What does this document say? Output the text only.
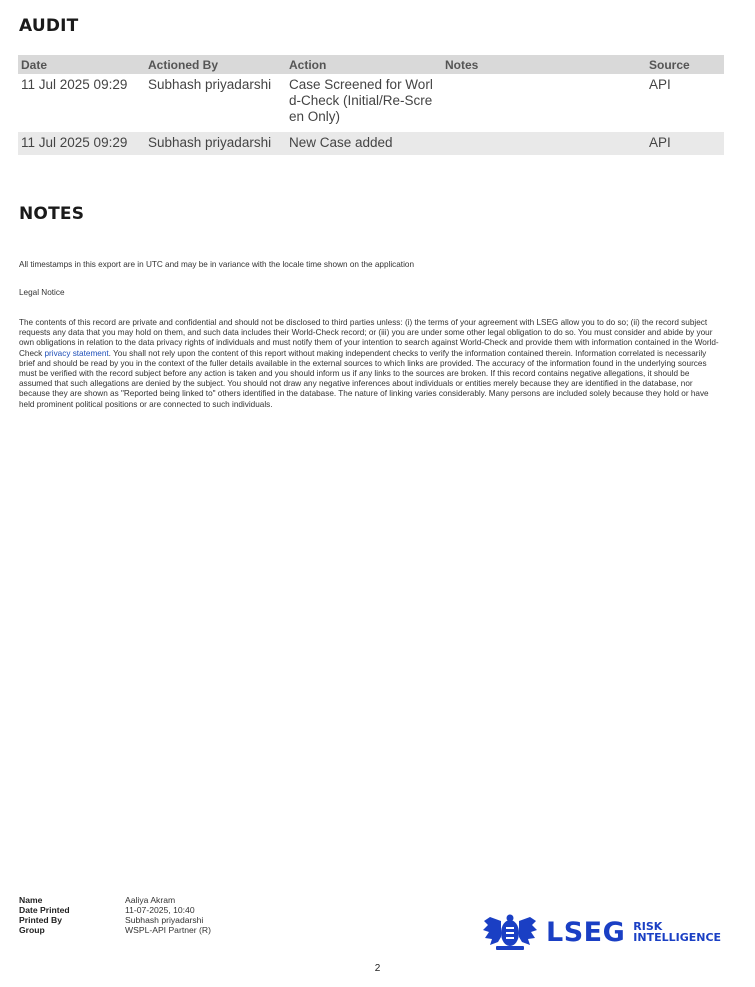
AUDIT
Date	Actioned By	Action	Notes	Source
11 Jul 2025 09:29	Subhash priyadarshi	Case Screened for World-Check (Initial/Re-Screen Only)		API

11 Jul 2025 09:29	Subhash priyadarshi	New Case added		API
NOTES

All timestamps in this export are in UTC and may be in variance with the locale time shown on the application

Legal Notice

The contents of this record are private and confidential and should not be disclosed to third parties unless: (i) the terms of your agreement with LSEG allow you to do so; (ii) the record subject requests any data that you may hold on them, and such data includes their World-Check record; or (iii) you are under some other legal obligation to do so. You must consider and abide by your own obligations in relation to the data privacy rights of individuals and must notify them of your intention to search against World-Check and provide them with information contained in the World-Check privacy statement. You shall not rely upon the content of this report without making independent checks to verify the information contained therein. Information correlated is necessarily brief and should be read by you in the context of the fuller details available in the external sources to which links are provided. The accuracy of the information found in the underlying sources must be verified with the record subject before any action is taken and you should inform us if any links to the sources are broken. If this record contains negative allegations, it should be assumed that such allegations are denied by the subject. You should not draw any negative inferences about individuals or entities merely because they are identified in the database, nor because they are shown as "Reported being linked to" others identified in the database. The nature of linking varies considerably. Many persons are included solely because they hold or have held prominent political positions or are connected to such individuals.

Name	Aaliya Akram
Date Printed	11-07-2025, 10:40
Printed By	Subhash priyadarshi
Group	WSPL-API Partner (R)	LSEG RISK
INTELLIGENCE
2
